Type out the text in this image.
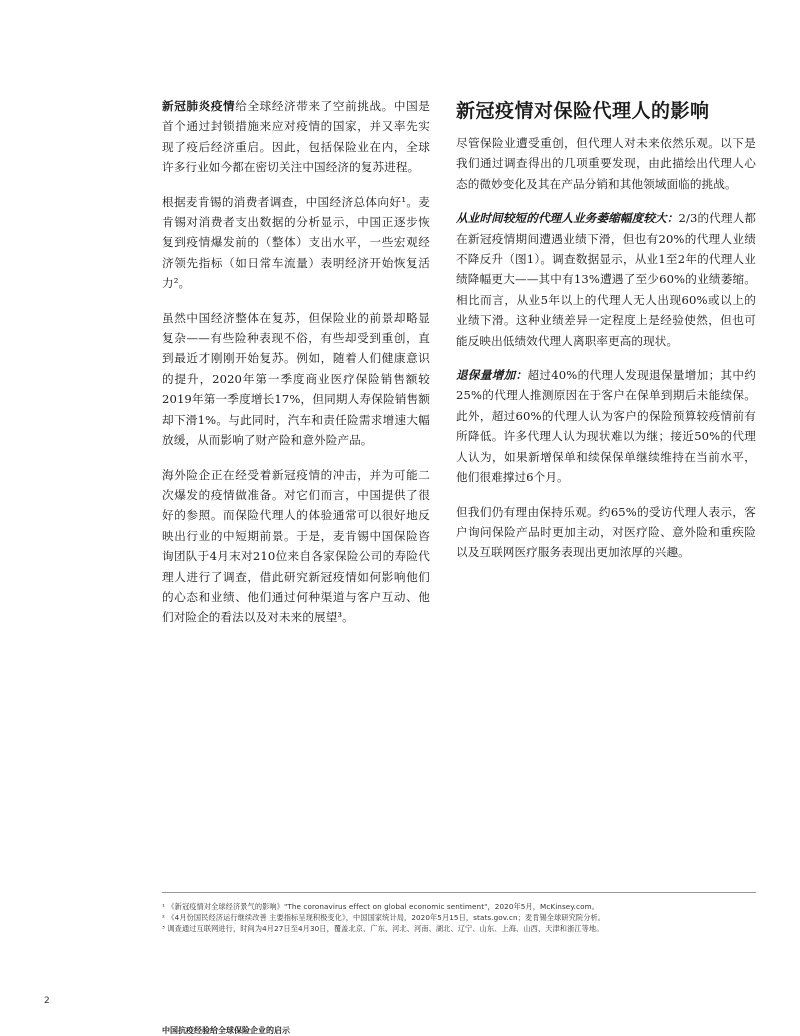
新冠肺炎疫情给全球经济带来了空前挑战。中国是首个通过封锁措施来应对疫情的国家，并又率先实现了疫后经济重启。因此，包括保险业在内，全球许多行业如今都在密切关注中国经济的复苏进程。

根据麦肯锡的消费者调查，中国经济总体向好¹。麦肯锡对消费者支出数据的分析显示，中国正逐步恢复到疫情爆发前的（整体）支出水平，一些宏观经济领先指标（如日常车流量）表明经济开始恢复活力²。

虽然中国经济整体在复苏，但保险业的前景却略显复杂——有些险种表现不俗，有些却受到重创，直到最近才刚刚开始复苏。例如，随着人们健康意识的提升，2020年第一季度商业医疗保险销售额较2019年第一季度增长17%，但同期人寿保险销售额却下滑1%。与此同时，汽车和责任险需求增速大幅放缓，从而影响了财产险和意外险产品。

海外险企正在经受着新冠疫情的冲击，并为可能二次爆发的疫情做准备。对它们而言，中国提供了很好的参照。而保险代理人的体验通常可以很好地反映出行业的中短期前景。于是，麦肯锡中国保险咨询团队于4月末对210位来自各家保险公司的寿险代理人进行了调查，借此研究新冠疫情如何影响他们的心态和业绩、他们通过何种渠道与客户互动、他们对险企的看法以及对未来的展望³。

新冠疫情对保险代理人的影响

尽管保险业遭受重创，但代理人对未来依然乐观。以下是我们通过调查得出的几项重要发现，由此描绘出代理人心态的微妙变化及其在产品分销和其他领域面临的挑战。

从业时间较短的代理人业务萎缩幅度较大：2/3的代理人都在新冠疫情期间遭遇业绩下滑，但也有20%的代理人业绩不降反升（图1）。调查数据显示，从业1至2年的代理人业绩降幅更大——其中有13%遭遇了至少60%的业绩萎缩。相比而言，从业5年以上的代理人无人出现60%或以上的业绩下滑。这种业绩差异一定程度上是经验使然，但也可能反映出低绩效代理人离职率更高的现状。

退保量增加：超过40%的代理人发现退保量增加；其中约25%的代理人推测原因在于客户在保单到期后未能续保。此外，超过60%的代理人认为客户的保险预算较疫情前有所降低。许多代理人认为现状难以为继；接近50%的代理人认为，如果新增保单和续保保单继续维持在当前水平，他们很难撑过6个月。

但我们仍有理由保持乐观。约65%的受访代理人表示，客户询问保险产品时更加主动，对医疗险、意外险和重疾险以及互联网医疗服务表现出更加浓厚的兴趣。

¹ 《新冠疫情对全球经济景气的影响》"The coronavirus effect on global economic sentiment"，2020年5月，McKinsey.com。

² 《4月份国民经济运行继续改善 主要指标呈现积极变化》，中国国家统计局，2020年5月15日，stats.gov.cn；麦肯锡全球研究院分析。

³ 调查通过互联网进行，时间为4月27日至4月30日，覆盖北京、广东、河北、河南、湖北、辽宁、山东、上海、山西、天津和浙江等地。

2
中国抗疫经验给全球保险企业的启示
